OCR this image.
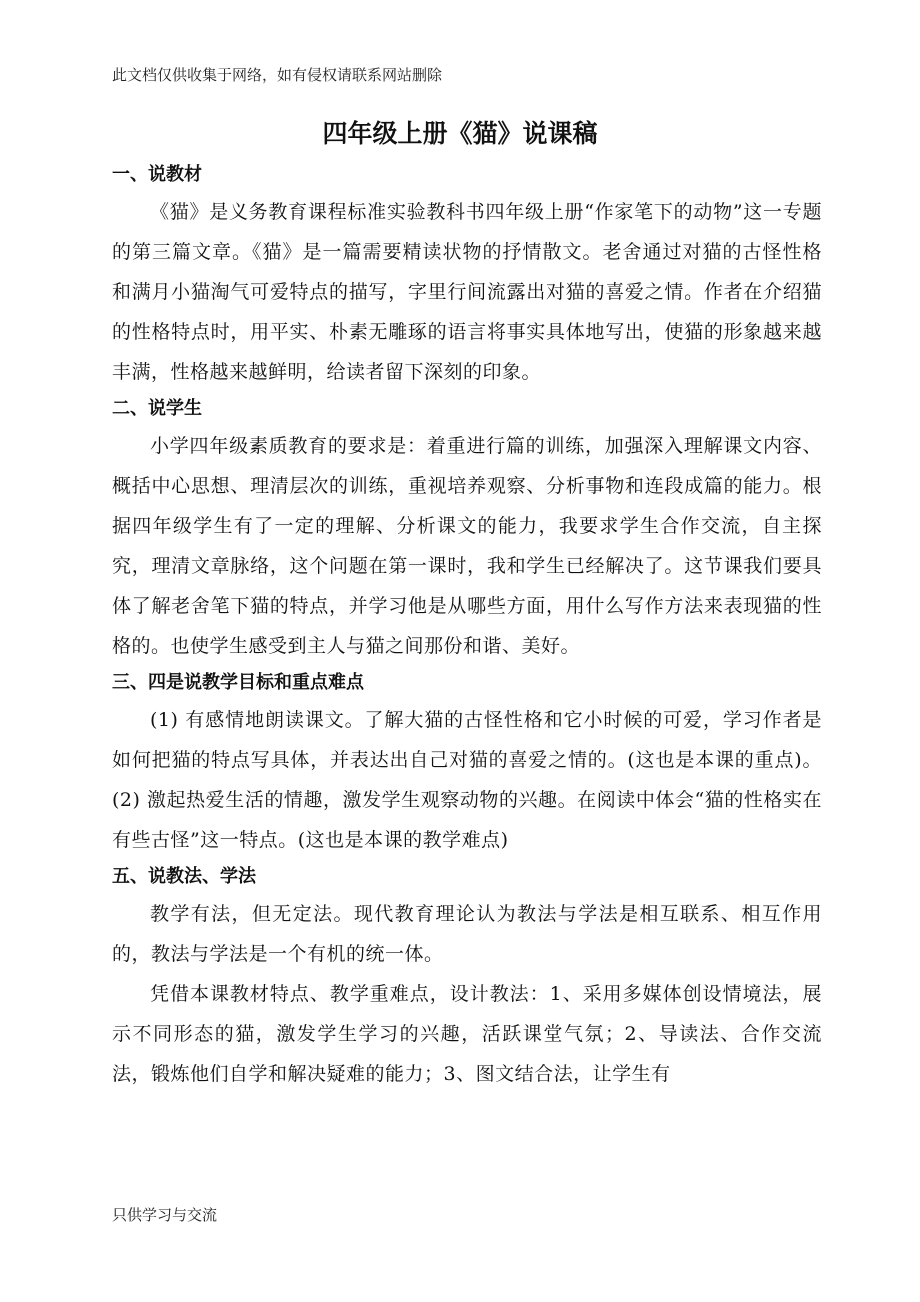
此文档仅供收集于网络，如有侵权请联系网站删除
四年级上册《猫》说课稿

一、说教材

《猫》是义务教育课程标准实验教科书四年级上册“作家笔下的动物”这一专题的第三篇文章。《猫》是一篇需要精读状物的抒情散文。老舍通过对猫的古怪性格和满月小猫淘气可爱特点的描写，字里行间流露出对猫的喜爱之情。作者在介绍猫的性格特点时，用平实、朴素无雕琢的语言将事实具体地写出，使猫的形象越来越丰满，性格越来越鲜明，给读者留下深刻的印象。

二、说学生

小学四年级素质教育的要求是：着重进行篇的训练，加强深入理解课文内容、概括中心思想、理清层次的训练，重视培养观察、分析事物和连段成篇的能力。根据四年级学生有了一定的理解、分析课文的能力，我要求学生合作交流，自主探究，理清文章脉络，这个问题在第一课时，我和学生已经解决了。这节课我们要具体了解老舍笔下猫的特点，并学习他是从哪些方面，用什么写作方法来表现猫的性格的。也使学生感受到主人与猫之间那份和谐、美好。

三、四是说教学目标和重点难点

(1) 有感情地朗读课文。了解大猫的古怪性格和它小时候的可爱，学习作者是如何把猫的特点写具体，并表达出自己对猫的喜爱之情的。(这也是本课的重点)。 (2) 激起热爱生活的情趣，激发学生观察动物的兴趣。在阅读中体会“猫的性格实在有些古怪”这一特点。(这也是本课的教学难点)

五、说教法、学法

教学有法，但无定法。现代教育理论认为教法与学法是相互联系、相互作用的，教法与学法是一个有机的统一体。

凭借本课教材特点、教学重难点，设计教法：1、采用多媒体创设情境法，展示不同形态的猫，激发学生学习的兴趣，活跃课堂气氛；2、导读法、合作交流法，锻炼他们自学和解决疑难的能力；3、图文结合法，让学生有

只供学习与交流
